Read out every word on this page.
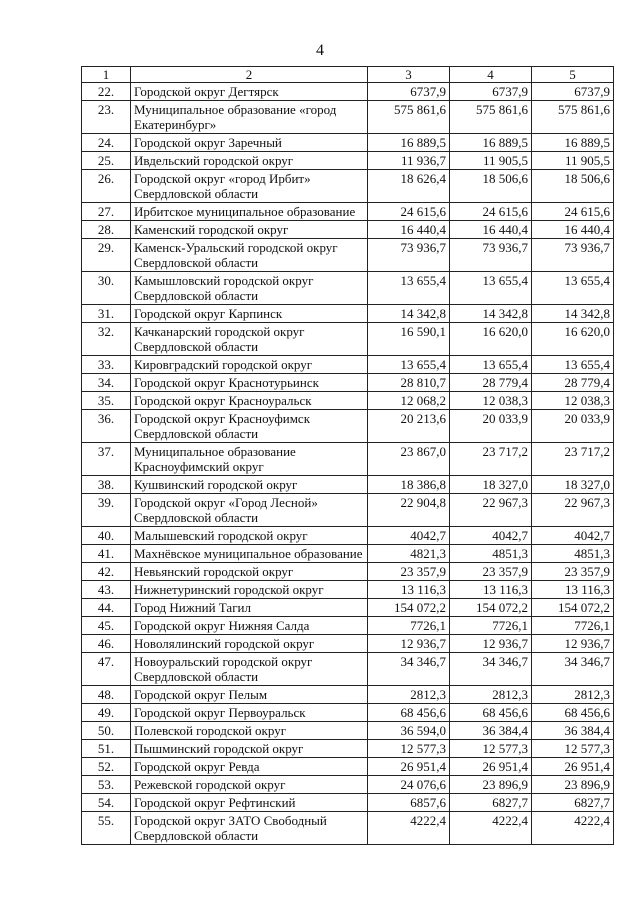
4
1	2	3	4	5
22.	Городской округ Дегтярск	6737,9	6737,9	6737,9
23.	Муниципальное образование «город Екатеринбург»	575 861,6	575 861,6	575 861,6
24.	Городской округ Заречный	16 889,5	16 889,5	16 889,5
25.	Ивдельский городской округ	11 936,7	11 905,5	11 905,5
26.	Городской округ «город Ирбит» Свердловской области	18 626,4	18 506,6	18 506,6
27.	Ирбитское муниципальное образование	24 615,6	24 615,6	24 615,6
28.	Каменский городской округ	16 440,4	16 440,4	16 440,4
29.	Каменск-Уральский городской округ Свердловской области	73 936,7	73 936,7	73 936,7
30.	Камышловский городской округ Свердловской области	13 655,4	13 655,4	13 655,4
31.	Городской округ Карпинск	14 342,8	14 342,8	14 342,8
32.	Качканарский городской округ Свердловской области	16 590,1	16 620,0	16 620,0
33.	Кировградский городской округ	13 655,4	13 655,4	13 655,4
34.	Городской округ Краснотурьинск	28 810,7	28 779,4	28 779,4
35.	Городской округ Красноуральск	12 068,2	12 038,3	12 038,3
36.	Городской округ Красноуфимск Свердловской области	20 213,6	20 033,9	20 033,9
37.	Муниципальное образование Красноуфимский округ	23 867,0	23 717,2	23 717,2
38.	Кушвинский городской округ	18 386,8	18 327,0	18 327,0
39.	Городской округ «Город Лесной» Свердловской области	22 904,8	22 967,3	22 967,3
40.	Малышевский городской округ	4042,7	4042,7	4042,7
41.	Махнёвское муниципальное образование	4821,3	4851,3	4851,3
42.	Невьянский городской округ	23 357,9	23 357,9	23 357,9
43.	Нижнетуринский городской округ	13 116,3	13 116,3	13 116,3
44.	Город Нижний Тагил	154 072,2	154 072,2	154 072,2
45.	Городской округ Нижняя Салда	7726,1	7726,1	7726,1
46.	Новолялинский городской округ	12 936,7	12 936,7	12 936,7
47.	Новоуральский городской округ Свердловской области	34 346,7	34 346,7	34 346,7
48.	Городской округ Пелым	2812,3	2812,3	2812,3
49.	Городской округ Первоуральск	68 456,6	68 456,6	68 456,6
50.	Полевской городской округ	36 594,0	36 384,4	36 384,4
51.	Пышминский городской округ	12 577,3	12 577,3	12 577,3
52.	Городской округ Ревда	26 951,4	26 951,4	26 951,4
53.	Режевской городской округ	24 076,6	23 896,9	23 896,9
54.	Городской округ Рефтинский	6857,6	6827,7	6827,7
55.	Городской округ ЗАТО Свободный Свердловской области	4222,4	4222,4	4222,4
